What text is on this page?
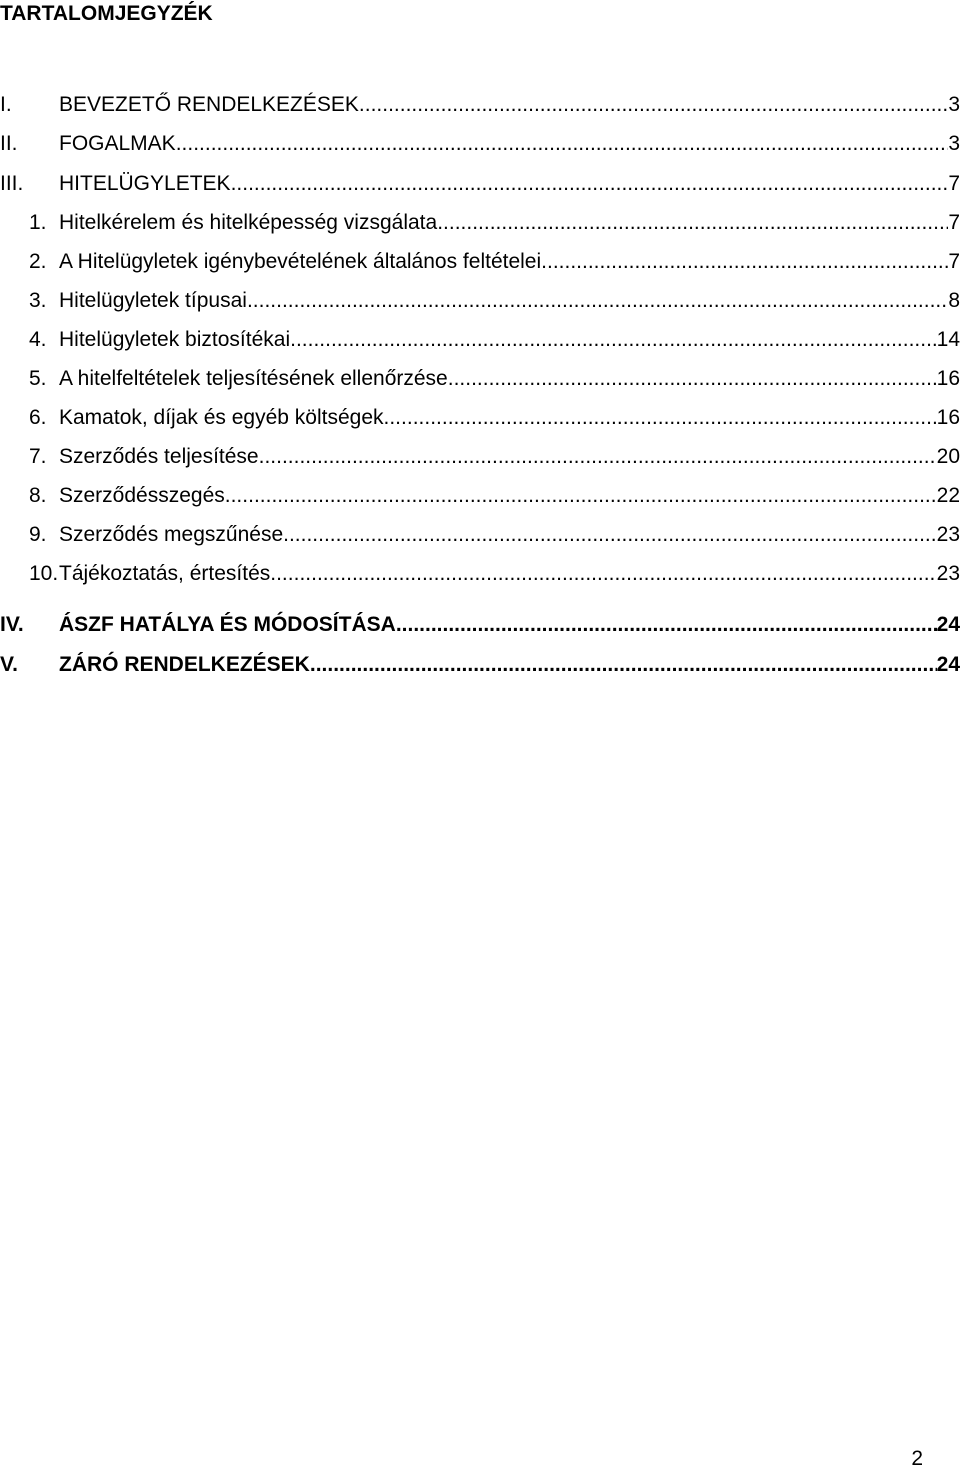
TARTALOMJEGYZÉK
I.	BEVEZETŐ RENDELKEZÉSEK .....	3
II.	FOGALMAK .....	3
III.	HITELÜGYLETEK .....	7
1. Hitelkérelem és hitelképesség vizsgálata .....	7
2. A Hitelügyletek igénybevételének általános feltételei .....	7
3. Hitelügyletek típusai .....	8
4. Hitelügyletek biztosítékai .....	14
5. A hitelfeltételek teljesítésének ellenőrzése .....	16
6. Kamatok, díjak és egyéb költségek .....	16
7. Szerződés teljesítése .....	20
8. Szerződésszegés .....	22
9. Szerződés megszűnése .....	23
10. Tájékoztatás, értesítés .....	23
IV.	ÁSZF HATÁLYA ÉS MÓDOSÍTÁSA .....	24
V.	ZÁRÓ RENDELKEZÉSEK .....	24
2
